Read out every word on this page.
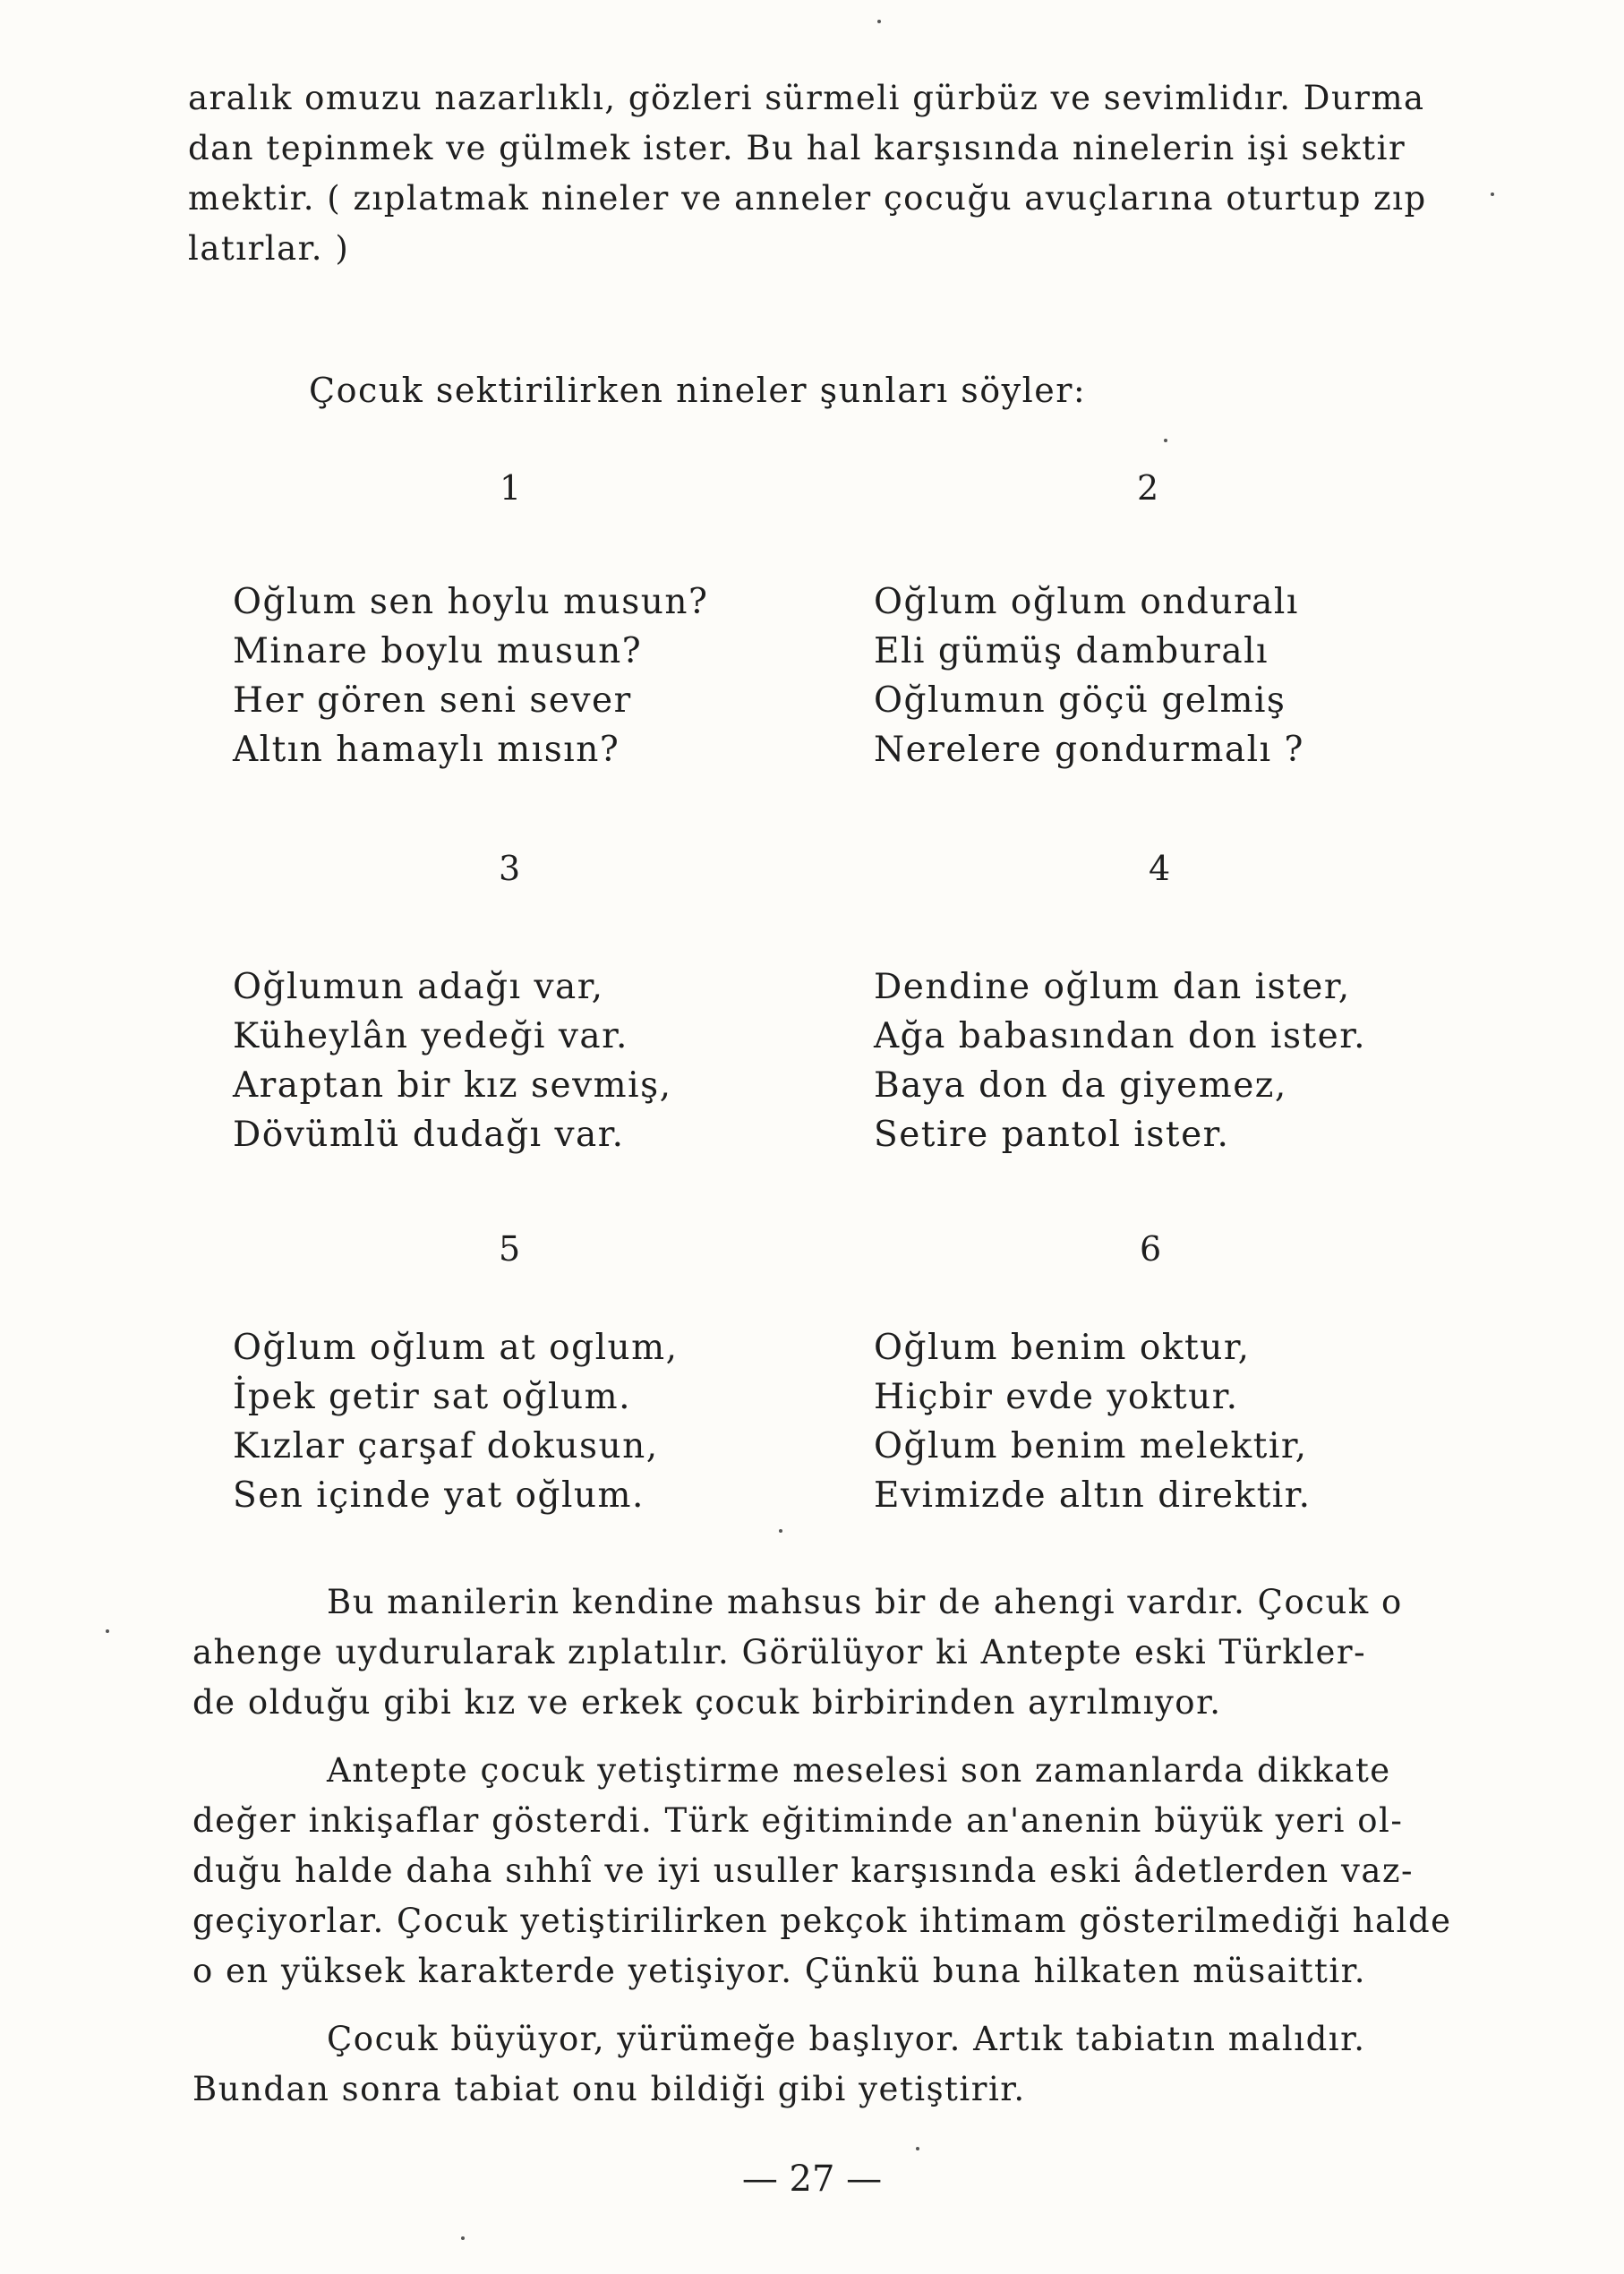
aralık omuzu nazarlıklı, gözleri sürmeli gürbüz ve sevimlidır. Durma
dan tepinmek ve gülmek ister. Bu hal karşısında ninelerin işi sektir
mektir. ( zıplatmak nineler ve anneler çocuğu avuçlarına oturtup zıp
latırlar. )
Çocuk sektirilirken nineler şunları söyler:
1	2
3	4
5	6
Oğlum sen hoylu musun?
Minare boylu musun?
Her gören seni sever
Altın hamaylı mısın?
Oğlum oğlum onduralı
Eli gümüş damburalı
Oğlumun göçü gelmiş
Nerelere gondurmalı ?
Oğlumun adağı var,
Küheylân yedeği var.
Araptan bir kız sevmiş,
Dövümlü dudağı var.
Dendine oğlum dan ister,
Ağa babasından don ister.
Baya don da giyemez,
Setire pantol ister.
Oğlum oğlum at oglum,
İpek getir sat oğlum.
Kızlar çarşaf dokusun,
Sen içinde yat oğlum.
Oğlum benim oktur,
Hiçbir evde yoktur.
Oğlum benim melektir,
Evimizde altın direktir.
Bu manilerin kendine mahsus bir de ahengi vardır. Çocuk o
ahenge uydurularak zıplatılır. Görülüyor ki Antepte eski Türkler-
de olduğu gibi kız ve erkek çocuk birbirinden ayrılmıyor.
Antepte çocuk yetiştirme meselesi son zamanlarda dikkate
değer inkişaflar gösterdi. Türk eğitiminde an'anenin büyük yeri ol-
duğu halde daha sıhhî ve iyi usuller karşısında eski âdetlerden vaz-
geçiyorlar. Çocuk yetiştirilirken pekçok ihtimam gösterilmediği halde
o en yüksek karakterde yetişiyor. Çünkü buna hilkaten müsaittir.
Çocuk büyüyor, yürümeğe başlıyor. Artık tabiatın malıdır.
Bundan sonra tabiat onu bildiği gibi yetiştirir.
— 27 —
